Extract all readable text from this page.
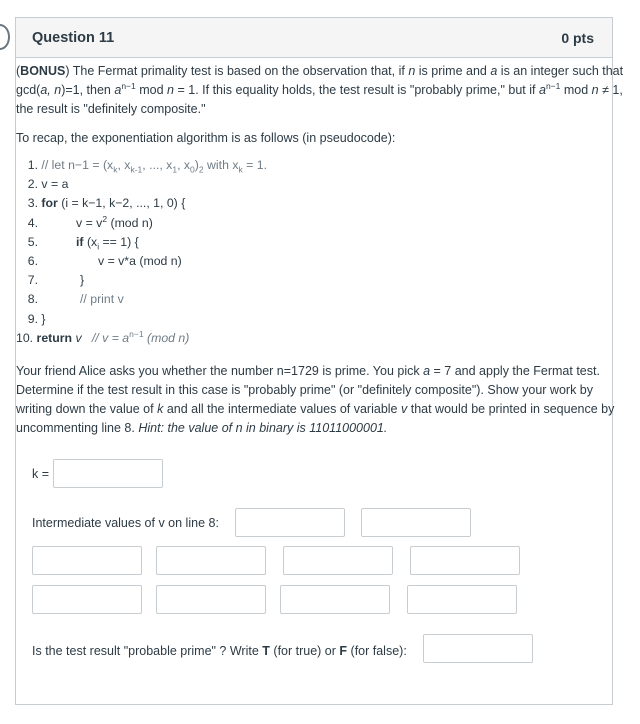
Question 11	0 pts

(BONUS) The Fermat primality test is based on the observation that, if n is prime and a is an integer such that gcd(a, n)=1, then $a^{n-1}$ mod n = 1. If this equality holds, the test result is "probably prime," but if $a^{n-1}$ mod n ≠ 1, the result is "definitely composite."

To recap, the exponentiation algorithm is as follows (in pseudocode):

1. // let $n-1 = (x_k$, $x_{k-1}$, ..., $x_1$, $x_0)_2$ with $x_k = 1$.
2. v = a
3. for (i = k−1, k−2, ..., 1, 0) {
4.	$v = v^2$ (mod n)
5.	if $(x_i == 1)$ {
6.	v = v*a (mod n)
7.	}
8.	// print v
9. }
10. return $v // v = a^{n-1}$ (mod n)

Your friend Alice asks you whether the number n=1729 is prime. You pick a = 7 and apply the Fermat test. Determine if the test result in this case is "probably prime" (or "definitely composite"). Show your work by writing down the value of k and all the intermediate values of variable v that would be printed in sequence by uncommenting line 8. Hint: the value of n in binary is 11011000001.

k =
Intermediate values of v on line 8:
Is the test result "probable prime" ? Write T (for true) or F (for false):
